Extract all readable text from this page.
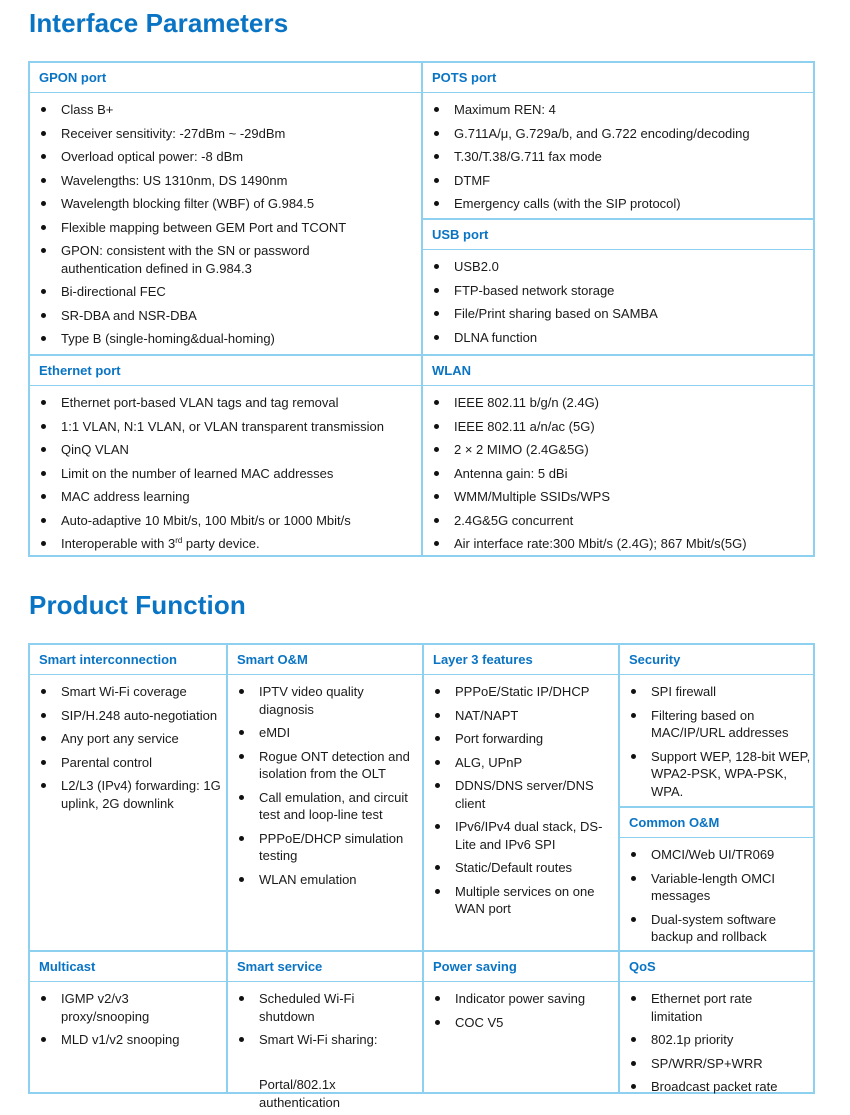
Interface Parameters
GPON port
Class B+
Receiver sensitivity: -27dBm ~ -29dBm
Overload optical power: -8 dBm
Wavelengths: US 1310nm, DS 1490nm
Wavelength blocking filter (WBF) of G.984.5
Flexible mapping between GEM Port and TCONT
GPON: consistent with the SN or password authentication defined in G.984.3
Bi-directional FEC
SR-DBA and NSR-DBA
Type B (single-homing&dual-homing)
POTS port
Maximum REN: 4
G.711A/μ, G.729a/b, and G.722 encoding/decoding
T.30/T.38/G.711 fax mode
DTMF
Emergency calls (with the SIP protocol)
USB port
USB2.0
FTP-based network storage
File/Print sharing based on SAMBA
DLNA function
Ethernet port
Ethernet port-based VLAN tags and tag removal
1:1 VLAN, N:1 VLAN, or VLAN transparent transmission
QinQ VLAN
Limit on the number of learned MAC addresses
MAC address learning
Auto-adaptive 10 Mbit/s, 100 Mbit/s or 1000 Mbit/s
Interoperable with 3rd party device.
WLAN
IEEE 802.11 b/g/n (2.4G)
IEEE 802.11 a/n/ac (5G)
2 × 2 MIMO (2.4G&5G)
Antenna gain: 5 dBi
WMM/Multiple SSIDs/WPS
2.4G&5G concurrent
Air interface rate:300 Mbit/s (2.4G); 867 Mbit/s(5G)
Product Function
Smart interconnection
Smart Wi-Fi coverage
SIP/H.248 auto-negotiation
Any port any service
Parental control
L2/L3 (IPv4) forwarding: 1G uplink, 2G downlink
Smart O&M
IPTV video quality diagnosis
eMDI
Rogue ONT detection and isolation from the OLT
Call emulation, and circuit test and loop-line test
PPPoE/DHCP simulation testing
WLAN emulation
Layer 3 features
PPPoE/Static IP/DHCP
NAT/NAPT
Port forwarding
ALG, UPnP
DDNS/DNS server/DNS client
IPv6/IPv4 dual stack, DS-Lite and IPv6 SPI
Static/Default routes
Multiple services on one WAN port
Security
SPI firewall
Filtering based on MAC/IP/URL addresses
Support WEP, 128-bit WEP, WPA2-PSK, WPA-PSK, WPA.
Common O&M
OMCI/Web UI/TR069
Variable-length OMCI messages
Dual-system software backup and rollback
Multicast
IGMP v2/v3 proxy/snooping
MLD v1/v2 snooping
Smart service
Scheduled Wi-Fi shutdown
Smart Wi-Fi sharing:
Portal/802.1x authentication
Power saving
Indicator power saving
COC V5
QoS
Ethernet port rate limitation
802.1p priority
SP/WRR/SP+WRR
Broadcast packet rate
